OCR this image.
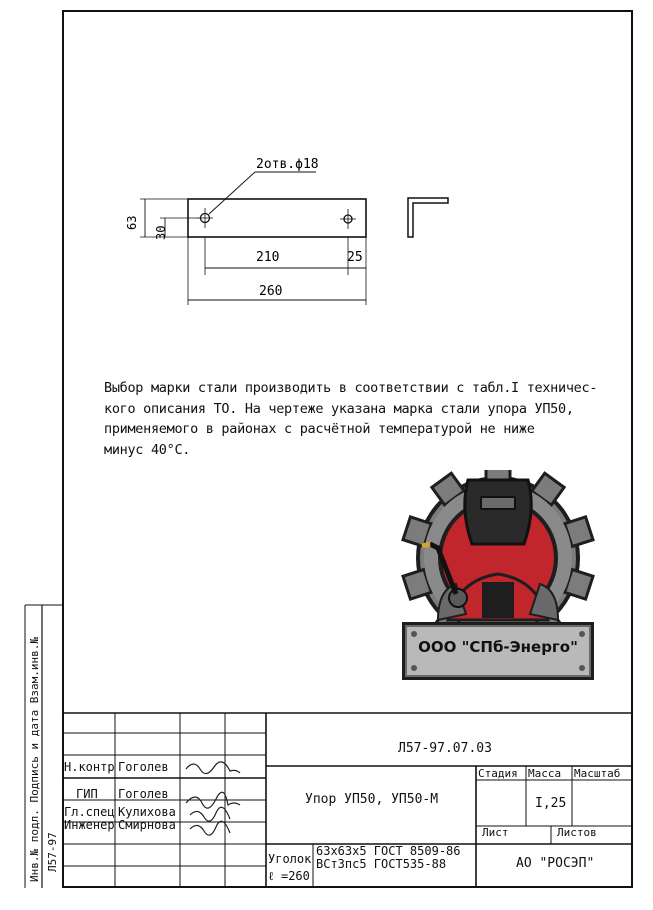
2отв.ϕ18
63
30
210	25
260
Выбор марки стали производить в соответствии с табл.I техничес-
кого описания ТО. На чертеже указана марка стали упора УП50,
применяемого в районах с расчётной температурой не ниже
минус 40°С.
ООО "СПб-Энерго"
Инв.№ подл. Подпись и дата Взам.инв.№ Л57-97
Л57-97.07.03
Н.контр Гоголев
ГИП Гоголев
Гл.спец Кулихова
Инженер Смирнова
Упор УП50, УП50-М
Стадия Масса Масштаб
I,25
Лист	Листов
Уголок
63х63х5 ГОСТ 8509-86
ВСт3пс5 ГОСТ535-88
ℓ =260
АО "РОСЭП"
